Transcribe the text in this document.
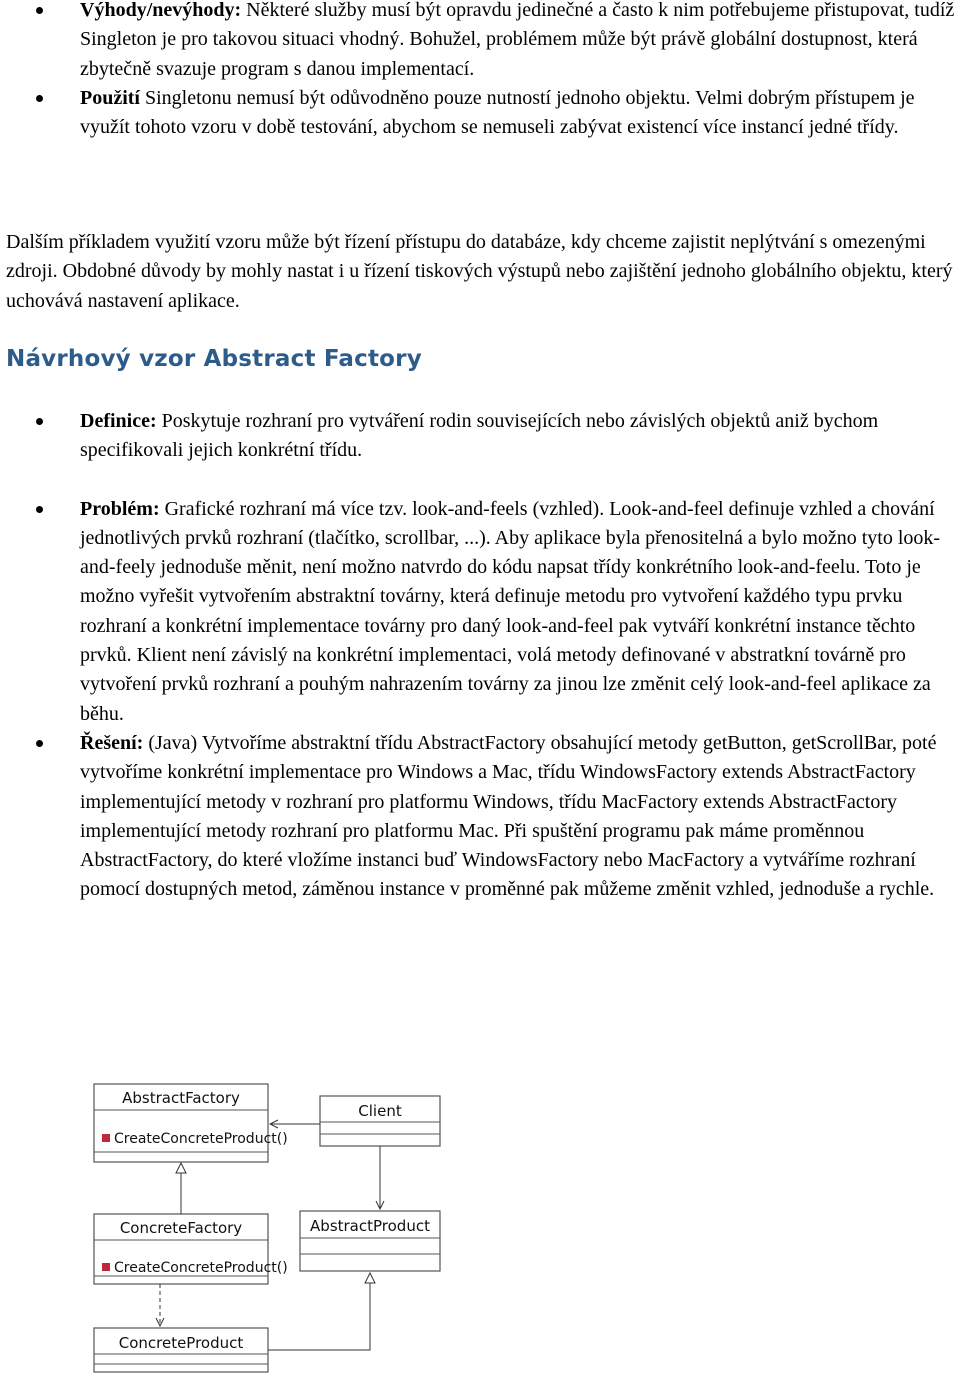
Výhody/nevýhody: Některé služby musí být opravdu jedinečné a často k nim potřebujeme přistupovat, tudíž Singleton je pro takovou situaci vhodný. Bohužel, problémem může být právě globální dostupnost, která zbytečně svazuje program s danou implementací.
Použití Singletonu nemusí být odůvodněno pouze nutností jednoho objektu. Velmi dobrým přístupem je využít tohoto vzoru v době testování, abychom se nemuseli zabývat existencí více instancí jedné třídy.

Dalším příkladem využití vzoru může být řízení přístupu do databáze, kdy chceme zajistit neplýtvání s omezenými zdroji. Obdobné důvody by mohly nastat i u řízení tiskových výstupů nebo zajištění jednoho globálního objektu, který uchovává nastavení aplikace.

Návrhový vzor Abstract Factory
Definice: Poskytuje rozhraní pro vytváření rodin souvisejících nebo závislých objektů aniž bychom specifikovali jejich konkrétní třídu.
Problém: Grafické rozhraní má více tzv. look-and-feels (vzhled). Look-and-feel definuje vzhled a chování jednotlivých prvků rozhraní (tlačítko, scrollbar, ...). Aby aplikace byla přenositelná a bylo možno tyto look-and-feely jednoduše měnit, není možno natvrdo do kódu napsat třídy konkrétního look-and-feelu. Toto je možno vyřešit vytvořením abstraktní továrny, která definuje metodu pro vytvoření každého typu prvku rozhraní a konkrétní implementace továrny pro daný look-and-feel pak vytváří konkrétní instance těchto prvků. Klient není závislý na konkrétní implementaci, volá metody definované v abstratkní továrně pro vytvoření prvků rozhraní a pouhým nahrazením továrny za jinou lze změnit celý look-and-feel aplikace za běhu.
Řešení: (Java) Vytvoříme abstraktní třídu AbstractFactory obsahující metody getButton, getScrollBar, poté vytvoříme konkrétní implementace pro Windows a Mac, třídu WindowsFactory extends AbstractFactory implementující metody v rozhraní pro platformu Windows, třídu MacFactory extends AbstractFactory implementující metody rozhraní pro platformu Mac. Při spuštění programu pak máme proměnnou AbstractFactory, do které vložíme instanci buď WindowsFactory nebo MacFactory a vytváříme rozhraní pomocí dostupných metod, záměnou instance v proměnné pak můžeme změnit vzhled, jednoduše a rychle.
AbstractFactory
CreateConcreteProduct()
Client
ConcreteFactory
CreateConcreteProduct()
AbstractProduct
ConcreteProduct
